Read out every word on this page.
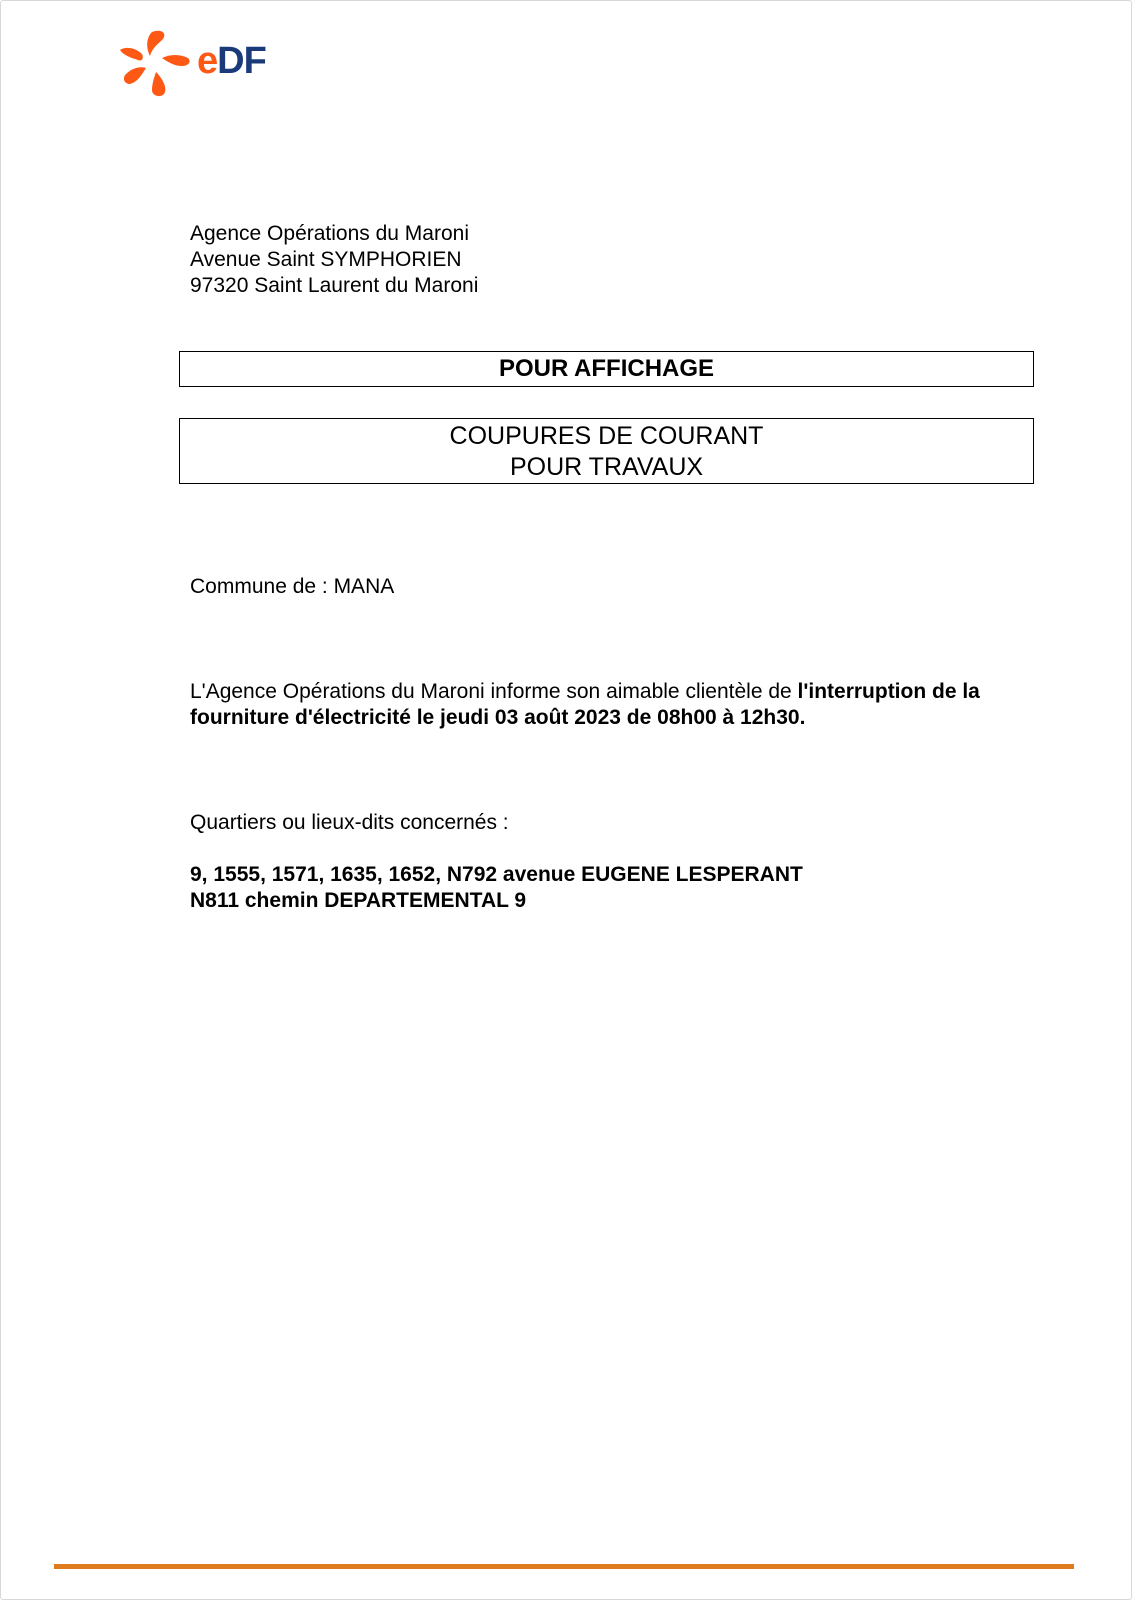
eDF
Agence Opérations du Maroni
Avenue Saint SYMPHORIEN
97320 Saint Laurent du Maroni
POUR AFFICHAGE
COUPURES DE COURANT
POUR TRAVAUX
Commune de : MANA
L'Agence Opérations du Maroni informe son aimable clientèle de l'interruption de la fourniture d'électricité le jeudi 03 août 2023 de 08h00 à 12h30.
Quartiers ou lieux-dits concernés :
9, 1555, 1571, 1635, 1652, N792 avenue EUGENE LESPERANT
N811 chemin DEPARTEMENTAL 9
